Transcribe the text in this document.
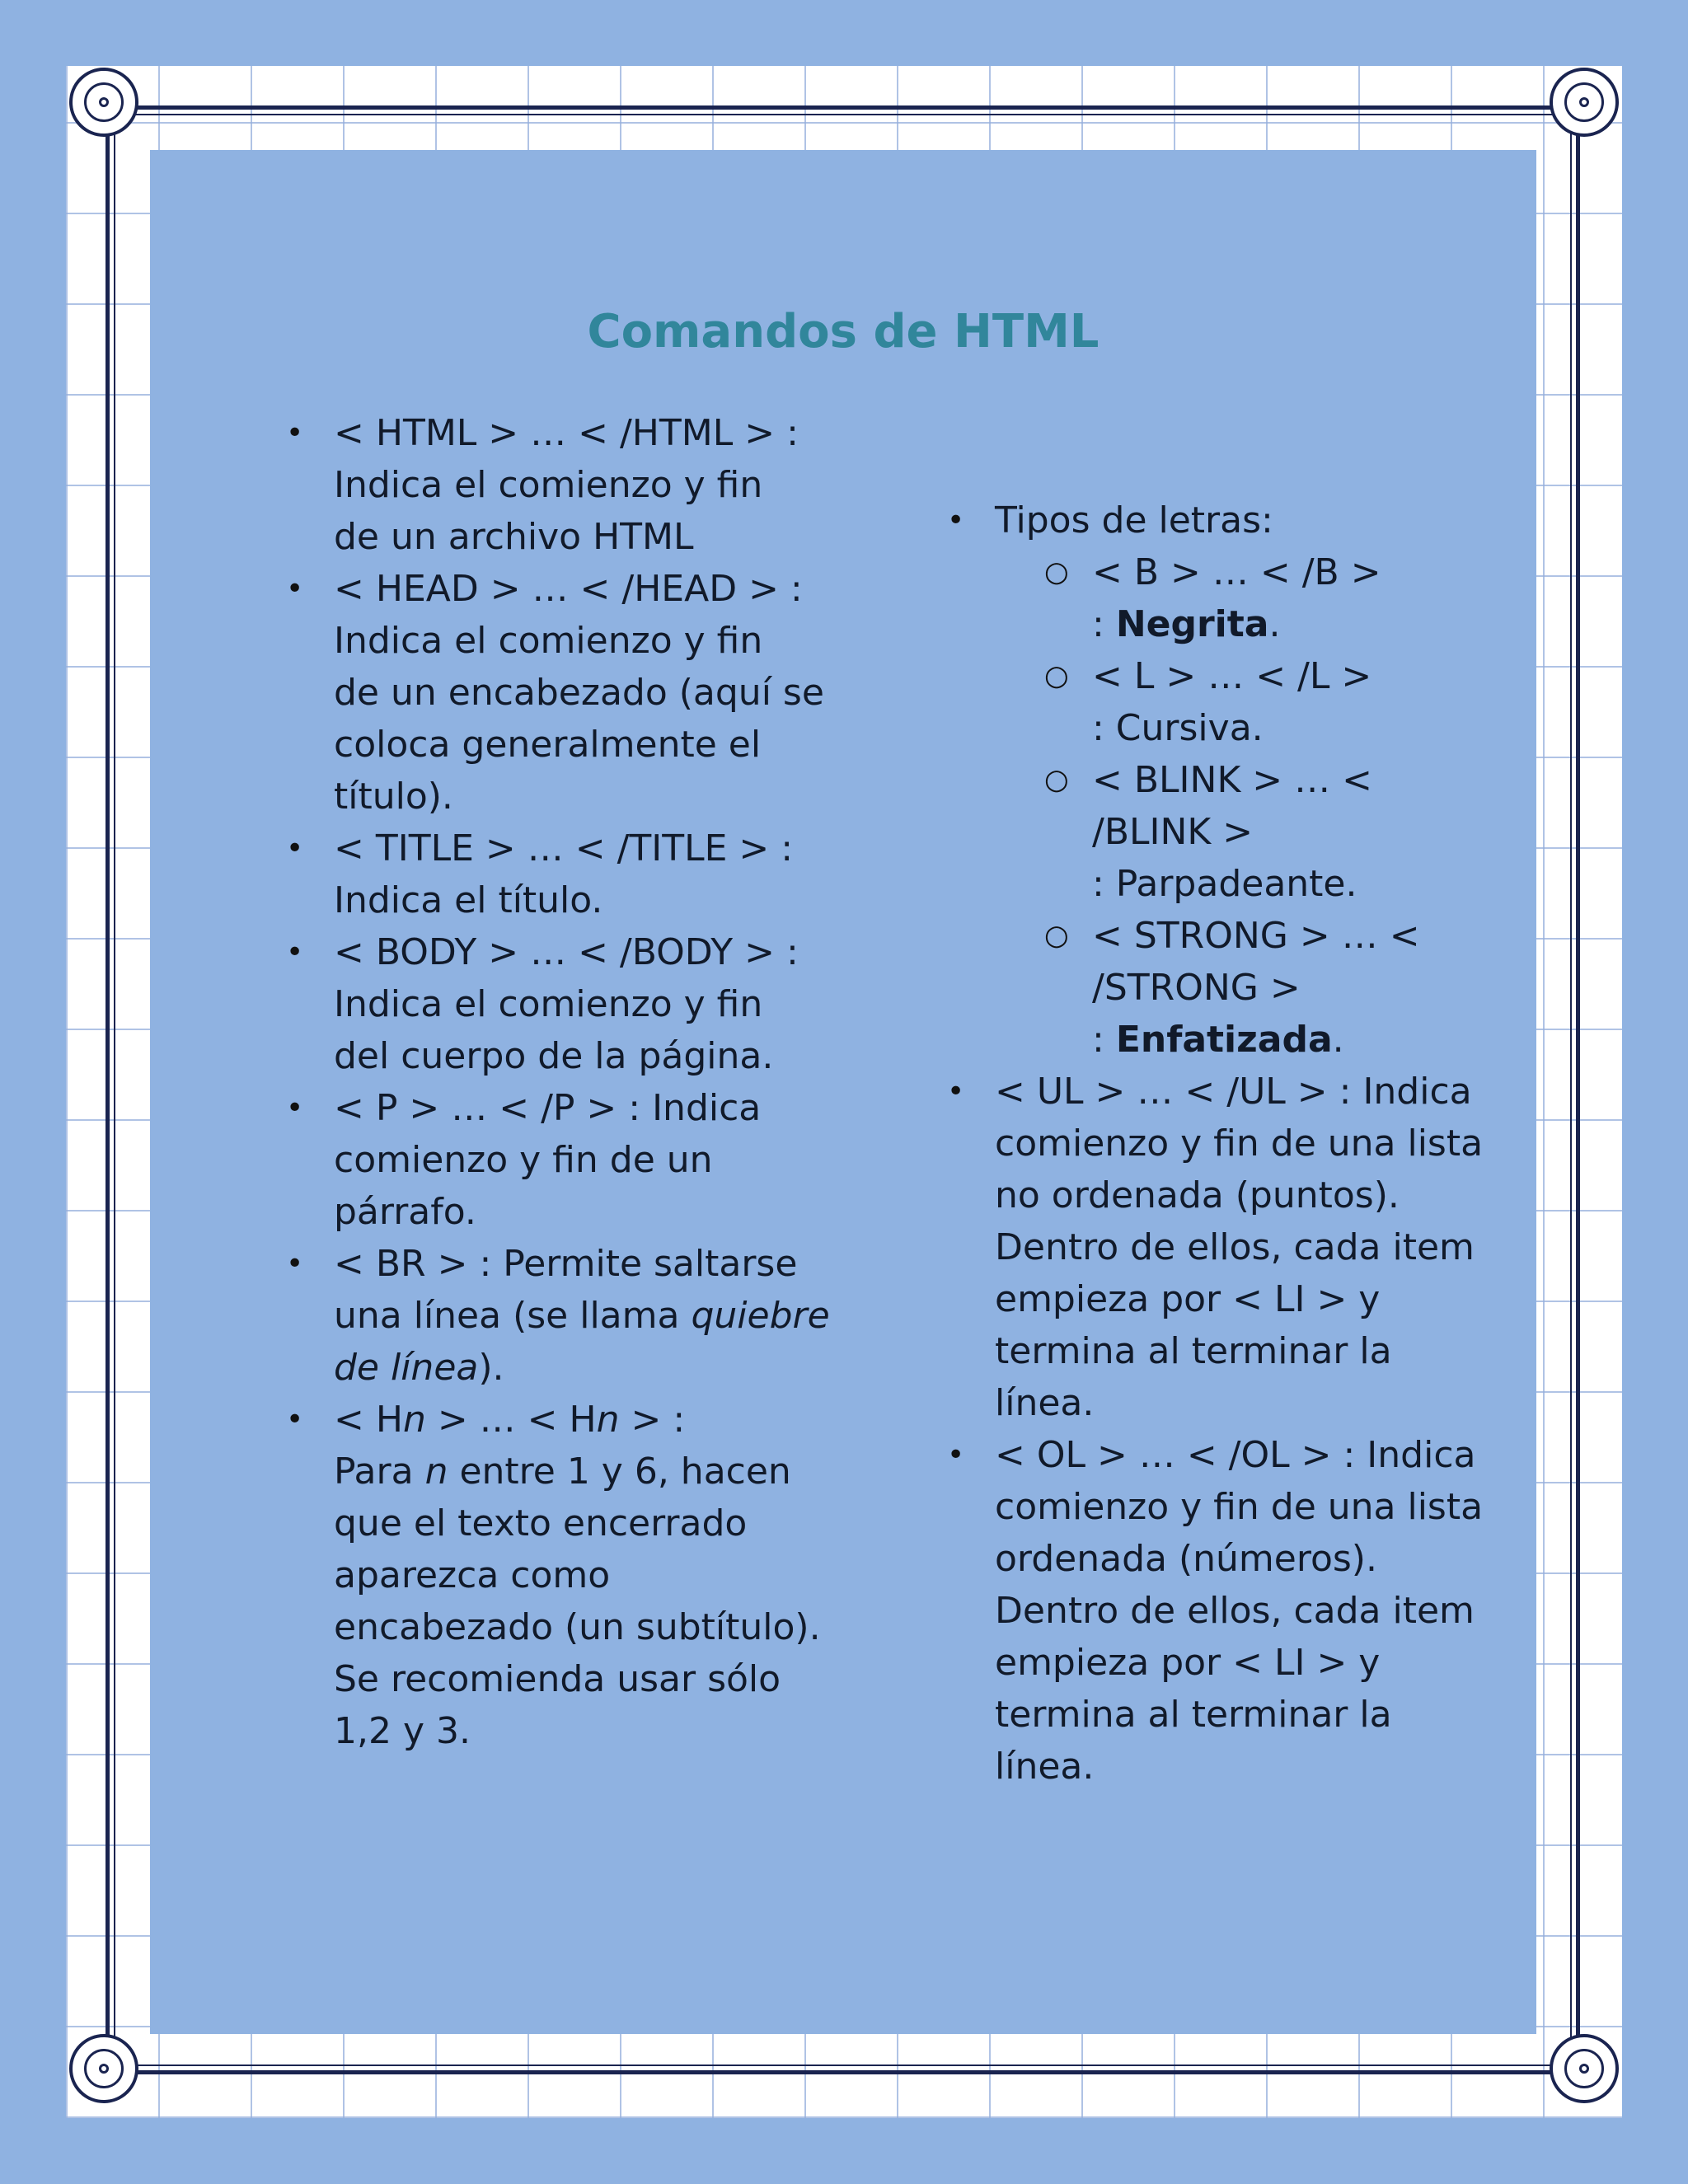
Comandos de HTML
• < HTML > … < /HTML > :
Indica el comienzo y fin
de un archivo HTML
• < HEAD > … < /HEAD > :
Indica el comienzo y fin
de un encabezado (aquí se
coloca generalmente el
título).
• < TITLE > … < /TITLE > :
Indica el título.
• < BODY > … < /BODY > :
Indica el comienzo y fin
del cuerpo de la página.
• < P > … < /P > : Indica
comienzo y fin de un
párrafo.
• < BR > : Permite saltarse
una línea (se llama quiebre
de línea).
• < Hn > … < Hn > :
Para n entre 1 y 6, hacen
que el texto encerrado
aparezca como
encabezado (un subtítulo).
Se recomienda usar sólo
1,2 y 3.
• Tipos de letras:
○ < B > … < /B >
: Negrita.
○ < L > … < /L >
: Cursiva.
○ < BLINK > … <
/BLINK >
: Parpadeante.
○ < STRONG > … <
/STRONG >
: Enfatizada.
• < UL > … < /UL > : Indica
comienzo y fin de una lista
no ordenada (puntos).
Dentro de ellos, cada item
empieza por < LI > y
termina al terminar la
línea.
• < OL > … < /OL > : Indica
comienzo y fin de una lista
ordenada (números).
Dentro de ellos, cada item
empieza por < LI > y
termina al terminar la
línea.
